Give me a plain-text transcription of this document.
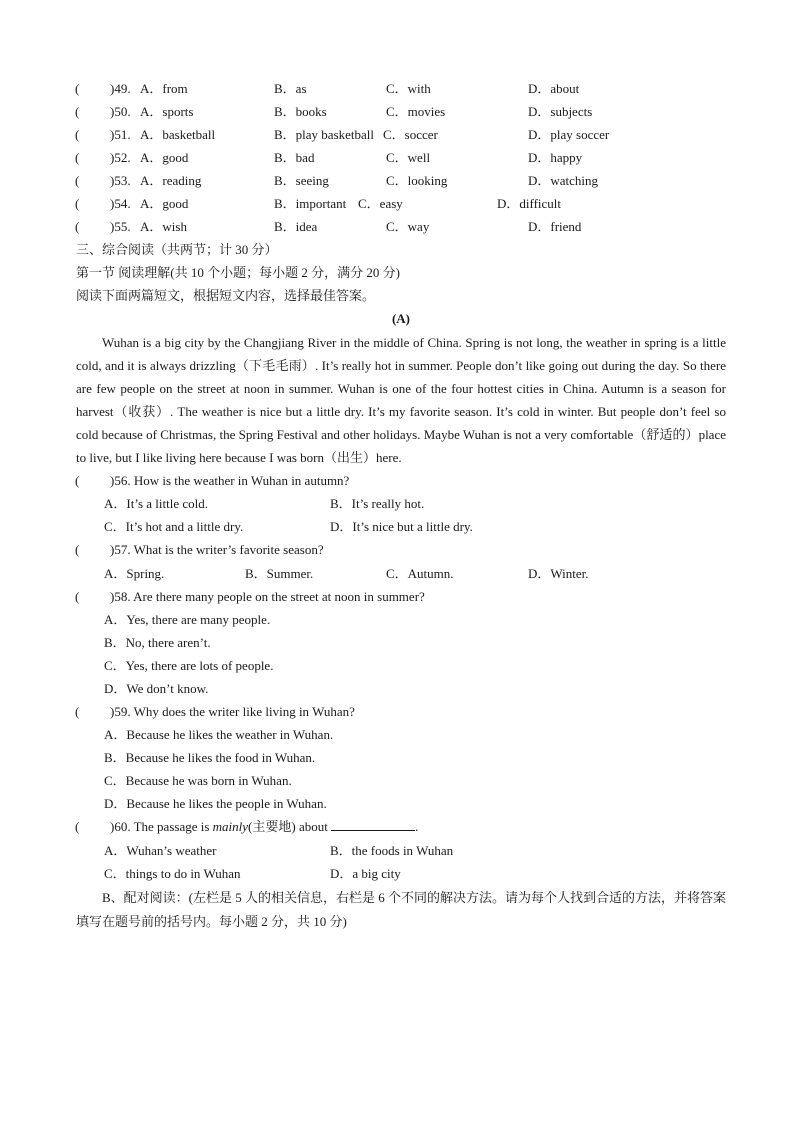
( )49. A．from	B．as	C．with	D．about
( )50. A．sports	B．books	C．movies	D．subjects
( )51. A．basketball	B．play basketball C．soccer	D．play soccer
( )52. A．good	B．bad	C．well	D．happy
( )53. A．reading	B．seeing	C．looking	D．watching
( )54. A．good	B．important C．easy	D．difficult
( )55. A．wish	B．idea	C．way	D．friend
三、综合阅读（共两节；计 30 分）
第一节 阅读理解(共 10 个小题；每小题 2 分，满分 20 分)
阅读下面两篇短文，根据短文内容，选择最佳答案。
(A)
Wuhan is a big city by the Changjiang River in the middle of China. Spring is not long, the weather in spring is a little cold, and it is always drizzling（下毛毛雨）. It’s really hot in summer. People don’t like going out during the day. So there are few people on the street at noon in summer. Wuhan is one of the four hottest cities in China. Autumn is a season for harvest（收获）. The weather is nice but a little dry. It’s my favorite season. It’s cold in winter. But people don’t feel so cold because of Christmas, the Spring Festival and other holidays. Maybe Wuhan is not a very comfortable（舒适的）place to live, but I like living here because I was born（出生）here.
( )56. How is the weather in Wuhan in autumn?
A．It’s a little cold.	B．It’s really hot.
C．It’s hot and a little dry.	D．It’s nice but a little dry.
( )57. What is the writer’s favorite season?
A．Spring.	B．Summer.	C．Autumn.	D．Winter.
( )58. Are there many people on the street at noon in summer?
A．Yes, there are many people.
B．No, there aren’t.
C．Yes, there are lots of people.
D．We don’t know.
( )59. Why does the writer like living in Wuhan?
A．Because he likes the weather in Wuhan.
B．Because he likes the food in Wuhan.
C．Because he was born in Wuhan.
D．Because he likes the people in Wuhan.
( )60. The passage is mainly(主要地) about	.
A．Wuhan’s weather	B．the foods in Wuhan
C．things to do in Wuhan	D．a big city
B、配对阅读：(左栏是 5 人的相关信息，右栏是 6 个不同的解决方法。请为每个人找到合适的方法，并将答案填写在题号前的括号内。每小题 2 分，共 10 分)
